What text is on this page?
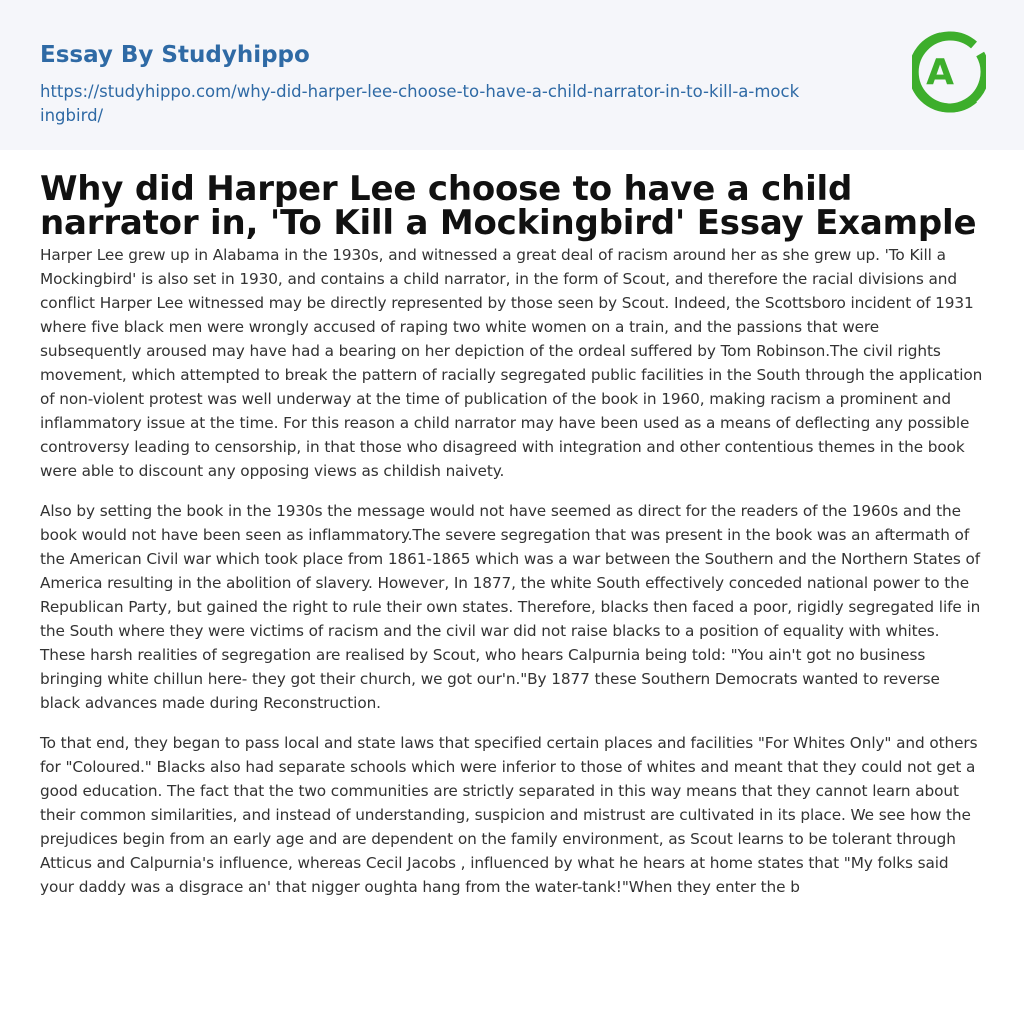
Essay By Studyhippo
https://studyhippo.com/why-did-harper-lee-choose-to-have-a-child-narrator-in-to-kill-a-mockingbird/
A
Why did Harper Lee choose to have a child narrator in, 'To Kill a Mockingbird' Essay Example

Harper Lee grew up in Alabama in the 1930s, and witnessed a great deal of racism around her as she grew up. 'To Kill a Mockingbird' is also set in 1930, and contains a child narrator, in the form of Scout, and therefore the racial divisions and conflict Harper Lee witnessed may be directly represented by those seen by Scout. Indeed, the Scottsboro incident of 1931 where five black men were wrongly accused of raping two white women on a train, and the passions that were subsequently aroused may have had a bearing on her depiction of the ordeal suffered by Tom Robinson.The civil rights movement, which attempted to break the pattern of racially segregated public facilities in the South through the application of non-violent protest was well underway at the time of publication of the book in 1960, making racism a prominent and inflammatory issue at the time. For this reason a child narrator may have been used as a means of deflecting any possible controversy leading to censorship, in that those who disagreed with integration and other contentious themes in the book were able to discount any opposing views as childish naivety.

Also by setting the book in the 1930s the message would not have seemed as direct for the readers of the 1960s and the book would not have been seen as inflammatory.The severe segregation that was present in the book was an aftermath of the American Civil war which took place from 1861-1865 which was a war between the Southern and the Northern States of America resulting in the abolition of slavery. However, In 1877, the white South effectively conceded national power to the Republican Party, but gained the right to rule their own states. Therefore, blacks then faced a poor, rigidly segregated life in the South where they were victims of racism and the civil war did not raise blacks to a position of equality with whites. These harsh realities of segregation are realised by Scout, who hears Calpurnia being told: "You ain't got no business bringing white chillun here- they got their church, we got our'n."By 1877 these Southern Democrats wanted to reverse black advances made during Reconstruction.

To that end, they began to pass local and state laws that specified certain places and facilities "For Whites Only" and others for "Coloured." Blacks also had separate schools which were inferior to those of whites and meant that they could not get a good education. The fact that the two communities are strictly separated in this way means that they cannot learn about their common similarities, and instead of understanding, suspicion and mistrust are cultivated in its place. We see how the prejudices begin from an early age and are dependent on the family environment, as Scout learns to be tolerant through Atticus and Calpurnia's influence, whereas Cecil Jacobs , influenced by what he hears at home states that "My folks said your daddy was a disgrace an' that nigger oughta hang from the water-tank!"When they enter the b
